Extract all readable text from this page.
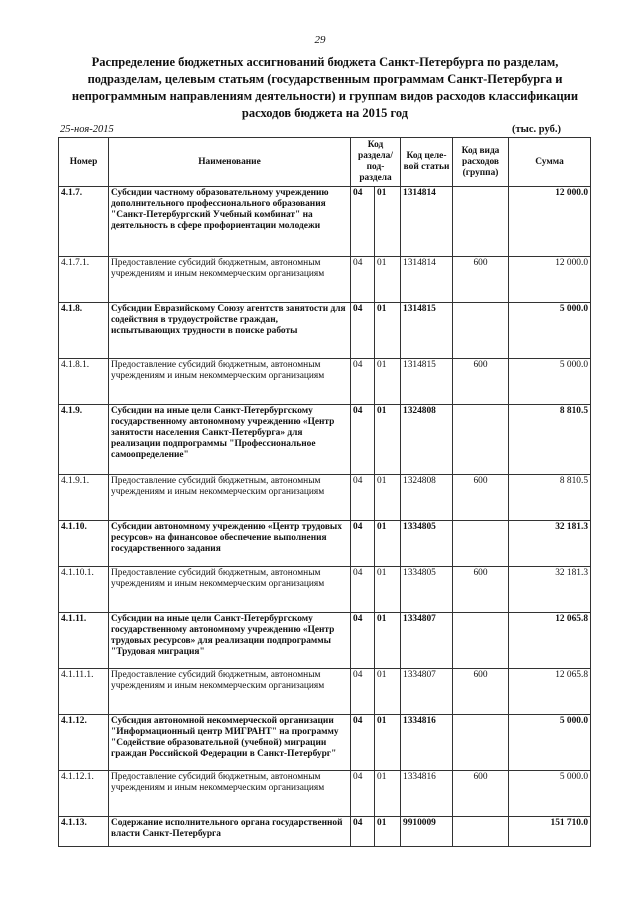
29
Распределение бюджетных ассигнований бюджета Санкт-Петербурга по разделам, подразделам, целевым статьям (государственным программам Санкт-Петербурга и непрограммным направлениям деятельности) и группам видов расходов классификации расходов бюджета на 2015 год
25-ноя-2015	(тыс. руб.)
Номер	Наименование	Код раздела/ под- раздела		Код целе- вой статьи	Код вида расходов (группа)	Сумма
4.1.7.	Субсидии частному образовательному учреждению дополнительного профессионального образования "Санкт-Петербургский Учебный комбинат" на деятельность в сфере профориентации молодежи	04	01	1314814		12 000.0
4.1.7.1.	Предоставление субсидий бюджетным, автономным учреждениям и иным некоммерческим организациям	04	01	1314814	600	12 000.0
4.1.8.	Субсидии Евразийскому Союзу агентств занятости для содействия в трудоустройстве граждан, испытывающих трудности в поиске работы	04	01	1314815		5 000.0
4.1.8.1.	Предоставление субсидий бюджетным, автономным учреждениям и иным некоммерческим организациям	04	01	1314815	600	5 000.0
4.1.9.	Субсидии на иные цели Санкт-Петербургскому государственному автономному учреждению «Центр занятости населения Санкт-Петербурга» для реализации подпрограммы "Профессиональное самоопределение"	04	01	1324808		8 810.5
4.1.9.1.	Предоставление субсидий бюджетным, автономным учреждениям и иным некоммерческим организациям	04	01	1324808	600	8 810.5
4.1.10.	Субсидии автономному учреждению «Центр трудовых ресурсов» на финансовое обеспечение выполнения государственного задания	04	01	1334805		32 181.3
4.1.10.1.	Предоставление субсидий бюджетным, автономным учреждениям и иным некоммерческим организациям	04	01	1334805	600	32 181.3
4.1.11.	Субсидии на иные цели Санкт-Петербургскому государственному автономному учреждению «Центр трудовых ресурсов» для реализации подпрограммы "Трудовая миграция"	04	01	1334807		12 065.8
4.1.11.1.	Предоставление субсидий бюджетным, автономным учреждениям и иным некоммерческим организациям	04	01	1334807	600	12 065.8
4.1.12.	Субсидия автономной некоммерческой организации "Информационный центр МИГРАНТ" на программу "Содействие образовательной (учебной) миграции граждан Российской Федерации в Санкт-Петербург"	04	01	1334816		5 000.0
4.1.12.1.	Предоставление субсидий бюджетным, автономным учреждениям и иным некоммерческим организациям	04	01	1334816	600	5 000.0
4.1.13.	Содержание исполнительного органа государственной власти Санкт-Петербурга	04	01	9910009		151 710.0
